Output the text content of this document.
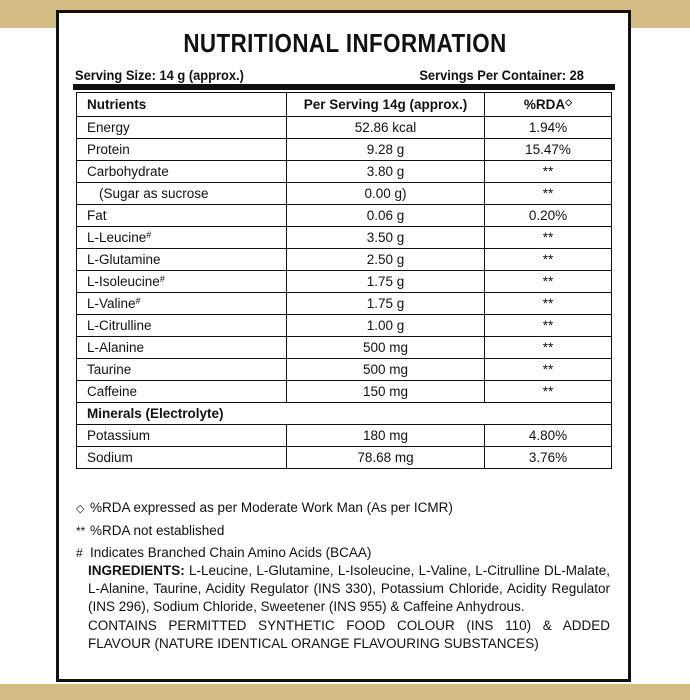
NUTRITIONAL INFORMATION
Serving Size: 14 g (approx.)	Servings Per Container: 28
Nutrients	Per Serving 14g (approx.)	%RDA◇
Energy	52.86 kcal	1.94%
Protein	9.28 g	15.47%
Carbohydrate	3.80 g	**
(Sugar as sucrose	0.00 g)	**
Fat	0.06 g	0.20%
L-Leucine#	3.50 g	**
L-Glutamine	2.50 g	**
L-Isoleucine#	1.75 g	**
L-Valine#	1.75 g	**
L-Citrulline	1.00 g	**
L-Alanine	500 mg	**
Taurine	500 mg	**
Caffeine	150 mg	**
Minerals (Electrolyte)		
Potassium	180 mg	4.80%
Sodium	78.68 mg	3.76%
◇ %RDA expressed as per Moderate Work Man (As per ICMR)
** %RDA not established
# Indicates Branched Chain Amino Acids (BCAA)
INGREDIENTS: L-Leucine, L-Glutamine, L-Isoleucine, L-Valine, L-Citrulline DL-Malate, L-Alanine, Taurine, Acidity Regulator (INS 330), Potassium Chloride, Acidity Regulator (INS 296), Sodium Chloride, Sweetener (INS 955) & Caffeine Anhydrous.
CONTAINS PERMITTED SYNTHETIC FOOD COLOUR (INS 110) & ADDED FLAVOUR (NATURE IDENTICAL ORANGE FLAVOURING SUBSTANCES)
